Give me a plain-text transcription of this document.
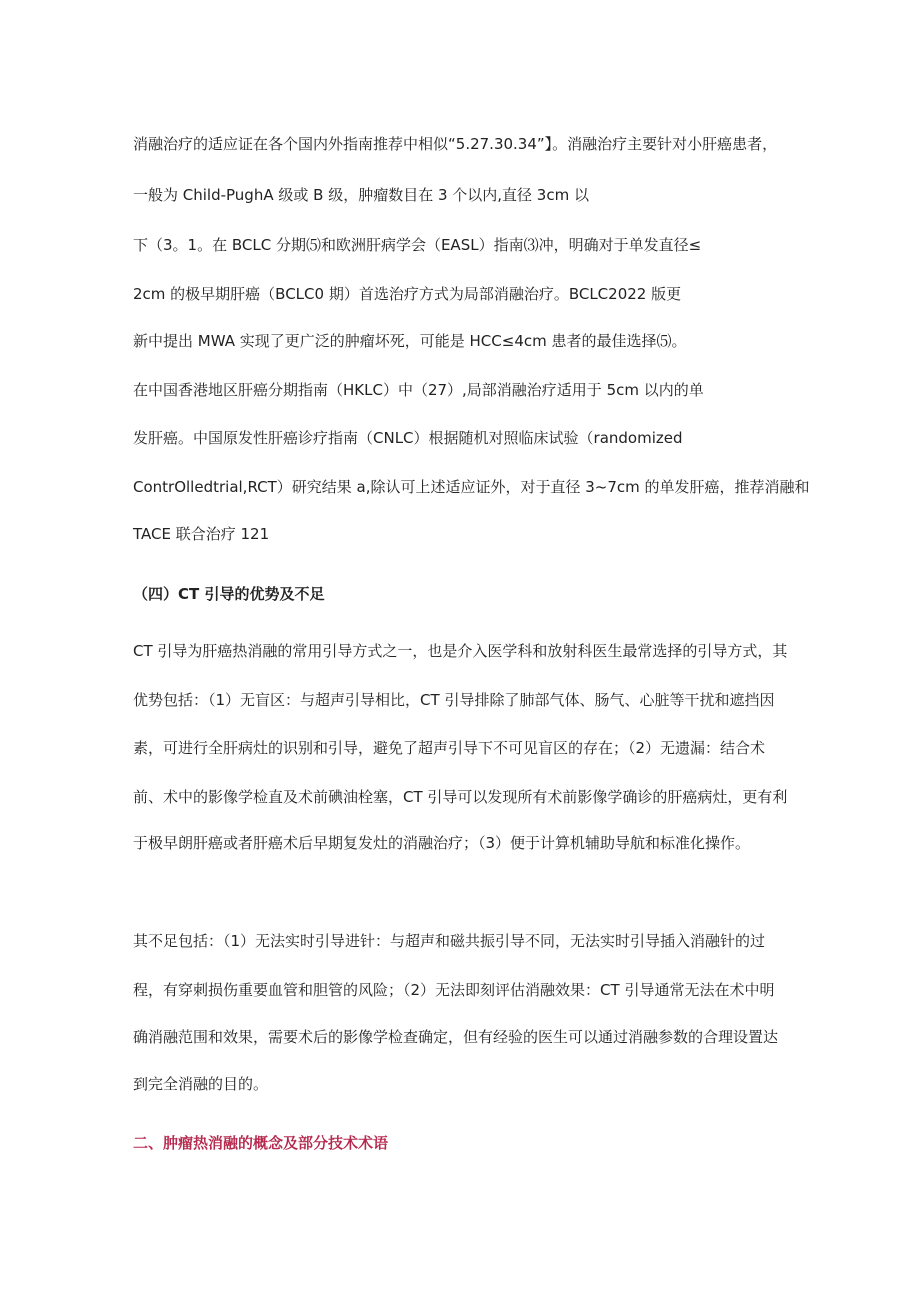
消融治疗的适应证在各个国内外指南推荐中相似“5.27.30.34”】。消融治疗主要针对小肝癌患者，

一般为 Child-PughA 级或 B 级，肿瘤数目在 3 个以内,直径 3cm 以

下（3。1。在 BCLC 分期⑸和欧洲肝病学会（EASL）指南⑶冲，明确对于单发直径≤

2cm 的极早期肝癌（BCLC0 期）首选治疗方式为局部消融治疗。BCLC2022 版更

新中提出 MWA 实现了更广泛的肿瘤坏死，可能是 HCC≤4cm 患者的最佳选择⑸。

在中国香港地区肝癌分期指南（HKLC）中（27）,局部消融治疗适用于 5cm 以内的单

发肝癌。中国原发性肝癌诊疗指南（CNLC）根据随机对照临床试验（randomized

ContrOlledtrial,RCT）研究结果 a,除认可上述适应证外，对于直径 3~7cm 的单发肝癌，推荐消融和

TACE 联合治疗 121

（四）CT 引导的优势及不足

CT 引导为肝癌热消融的常用引导方式之一，也是介入医学科和放射科医生最常选择的引导方式，其

优势包括：（1）无盲区：与超声引导相比，CT 引导排除了肺部气体、肠气、心脏等干扰和遮挡因

素，可进行全肝病灶的识别和引导，避免了超声引导下不可见盲区的存在；（2）无遗漏：结合术

前、术中的影像学检直及术前碘油栓塞，CT 引导可以发现所有术前影像学确诊的肝癌病灶，更有利

于极早朗肝癌或者肝癌术后早期复发灶的消融治疗；（3）便于计算机辅助导航和标准化操作。

其不足包括：（1）无法实时引导进针：与超声和磁共振引导不同，无法实时引导插入消融针的过

程，有穿刺损伤重要血管和胆管的风险；（2）无法即刻评估消融效果：CT 引导通常无法在术中明

确消融范围和效果，需要术后的影像学检查确定，但有经验的医生可以通过消融参数的合理设置达

到完全消融的目的。

二、肿瘤热消融的概念及部分技术术语
